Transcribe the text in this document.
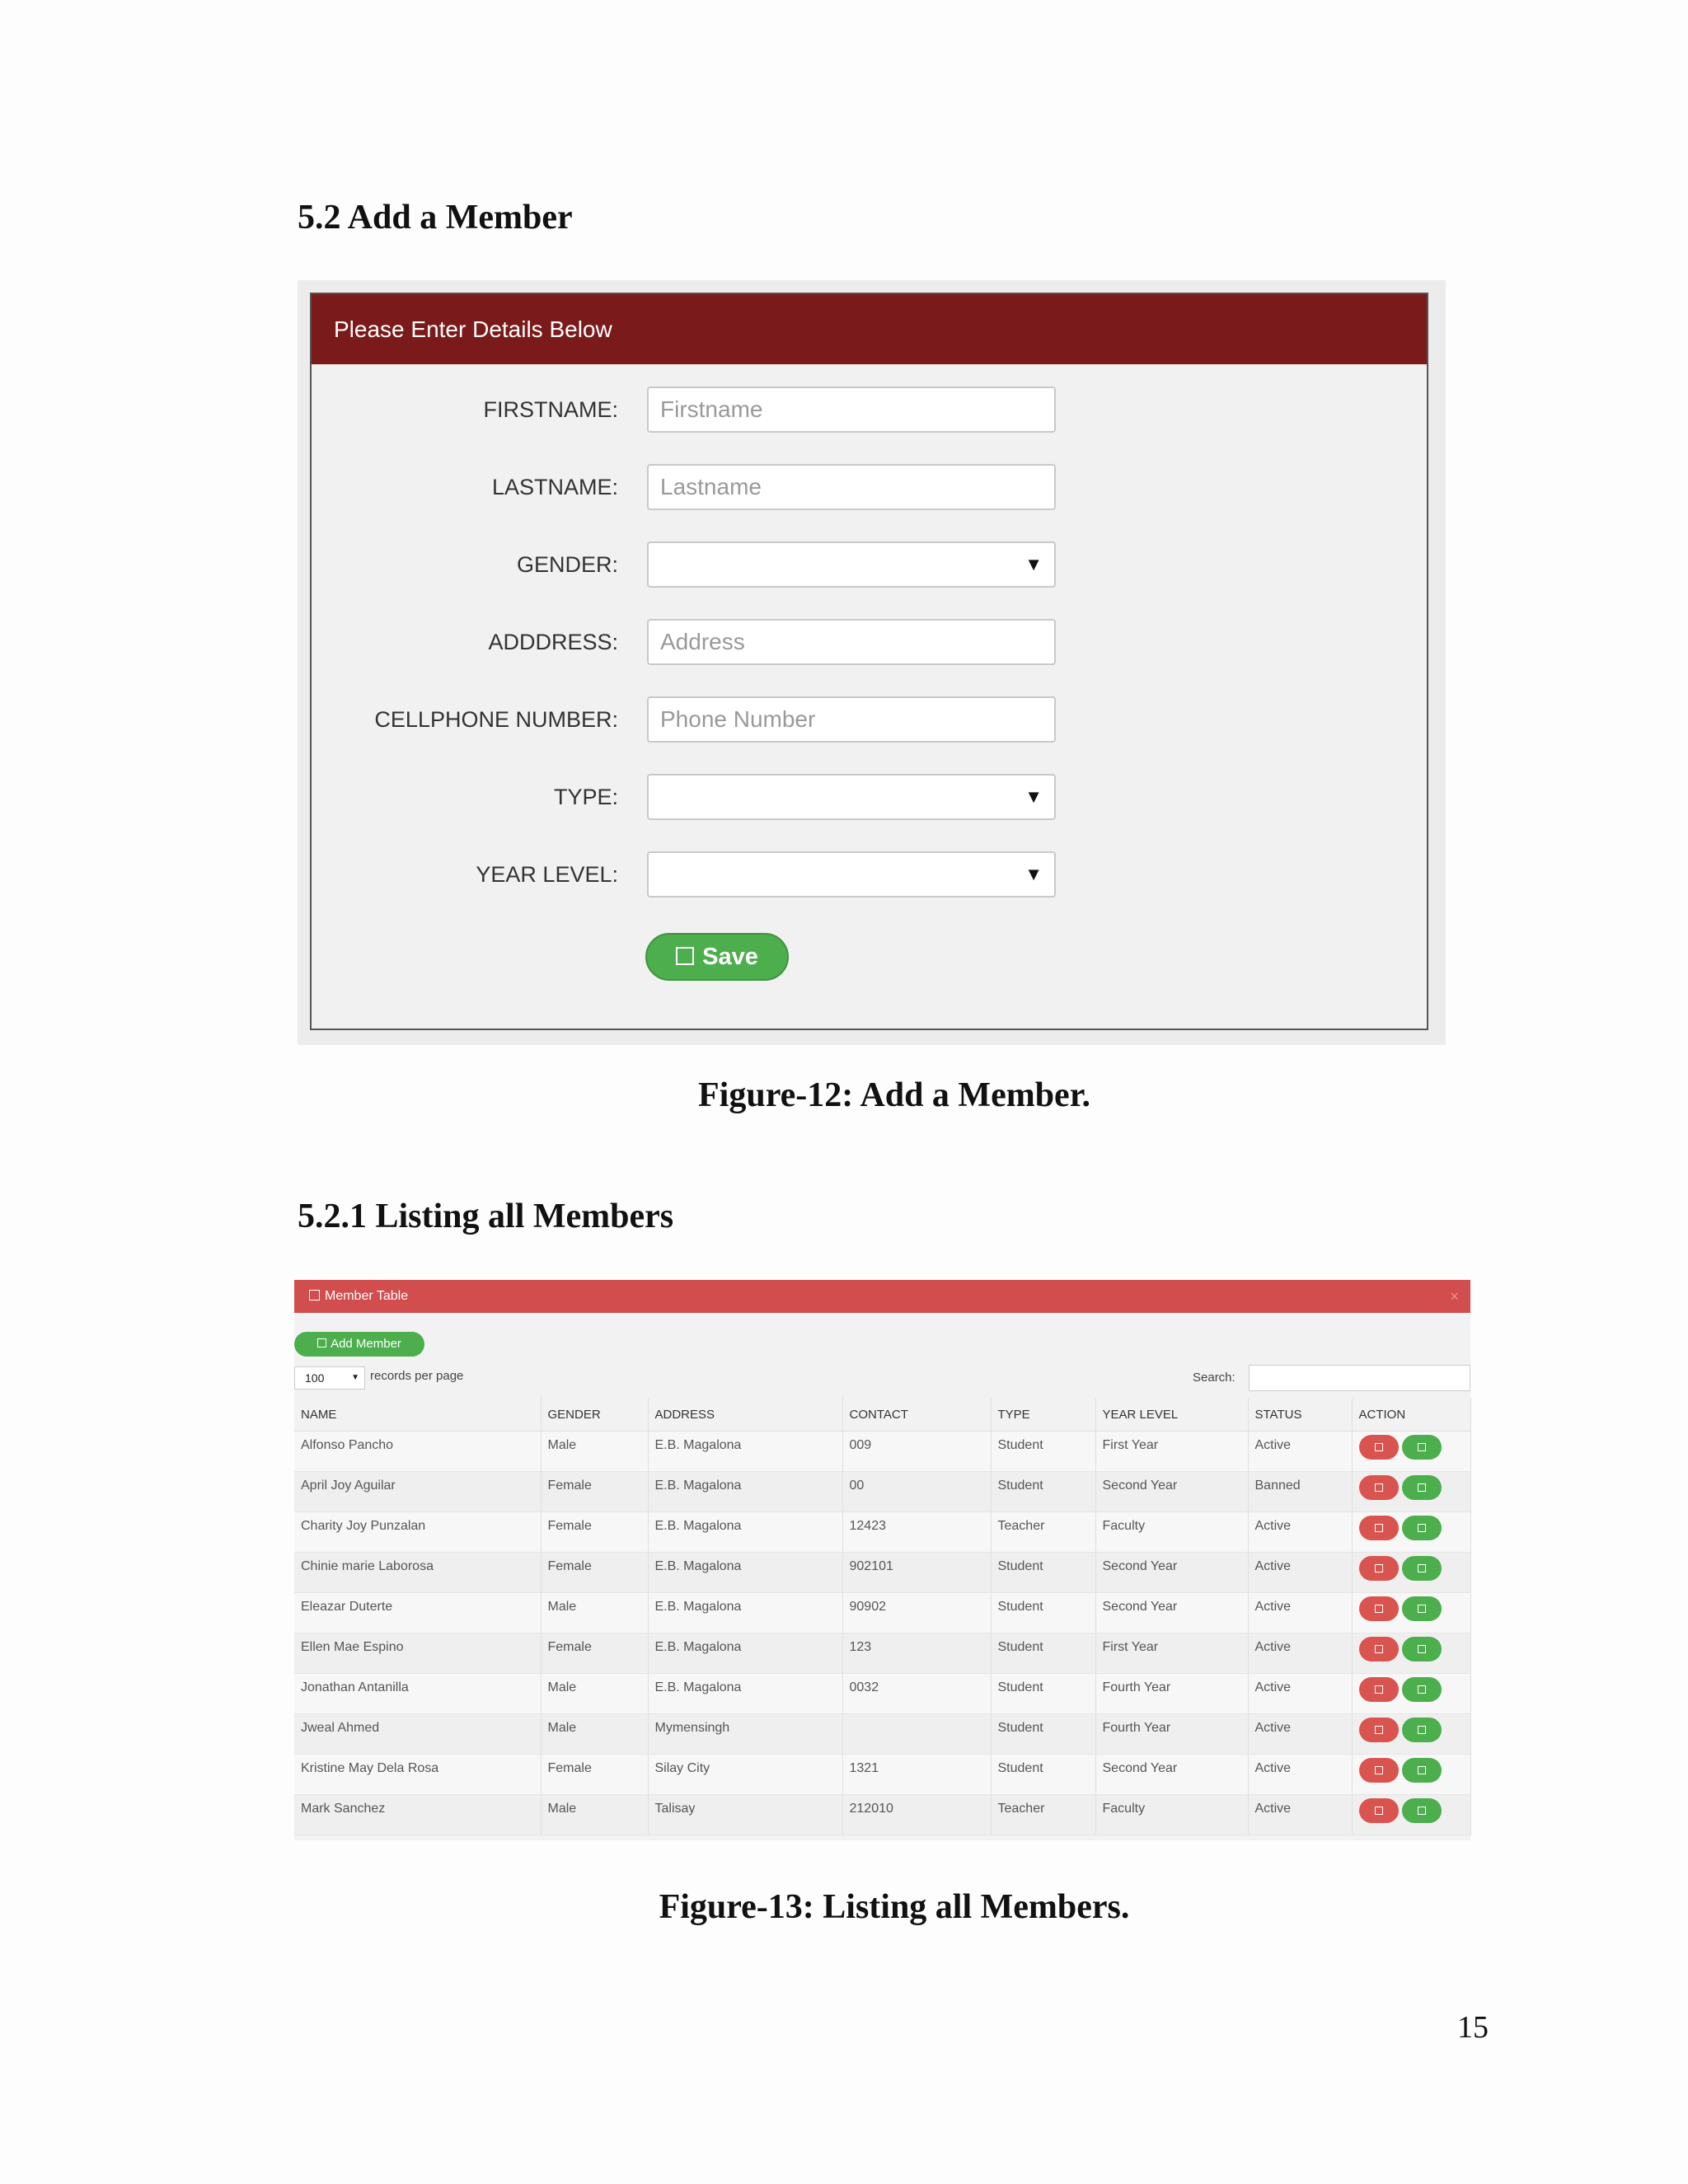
5.2 Add a Member
Please Enter Details Below
FIRSTNAME:	Firstname
LASTNAME:	Lastname
GENDER:	▼
ADDDRESS:	Address
CELLPHONE NUMBER:	Phone Number
TYPE:	▼
YEAR LEVEL:	▼
Save

Figure-12: Add a Member.

5.2.1 Listing all Members
Member Table	×
Add Member
100	▼ records per page	Search:
NAME	GENDER	ADDRESS	CONTACT	TYPE	YEAR LEVEL	STATUS	ACTION
Alfonso Pancho	Male	E.B. Magalona	009	Student	First Year	Active	

April Joy Aguilar	Female	E.B. Magalona	00	Student	Second Year	Banned	

Charity Joy Punzalan	Female	E.B. Magalona	12423	Teacher	Faculty	Active	

Chinie marie Laborosa	Female	E.B. Magalona	902101	Student	Second Year	Active	

Eleazar Duterte	Male	E.B. Magalona	90902	Student	Second Year	Active	

Ellen Mae Espino	Female	E.B. Magalona	123	Student	First Year	Active	

Jonathan Antanilla	Male	E.B. Magalona	0032	Student	Fourth Year	Active	

Jweal Ahmed	Male	Mymensingh		Student	Fourth Year	Active	

Kristine May Dela Rosa	Female	Silay City	1321	Student	Second Year	Active	

Mark Sanchez	Male	Talisay	212010	Teacher	Faculty	Active	

Figure-13: Listing all Members.

15
